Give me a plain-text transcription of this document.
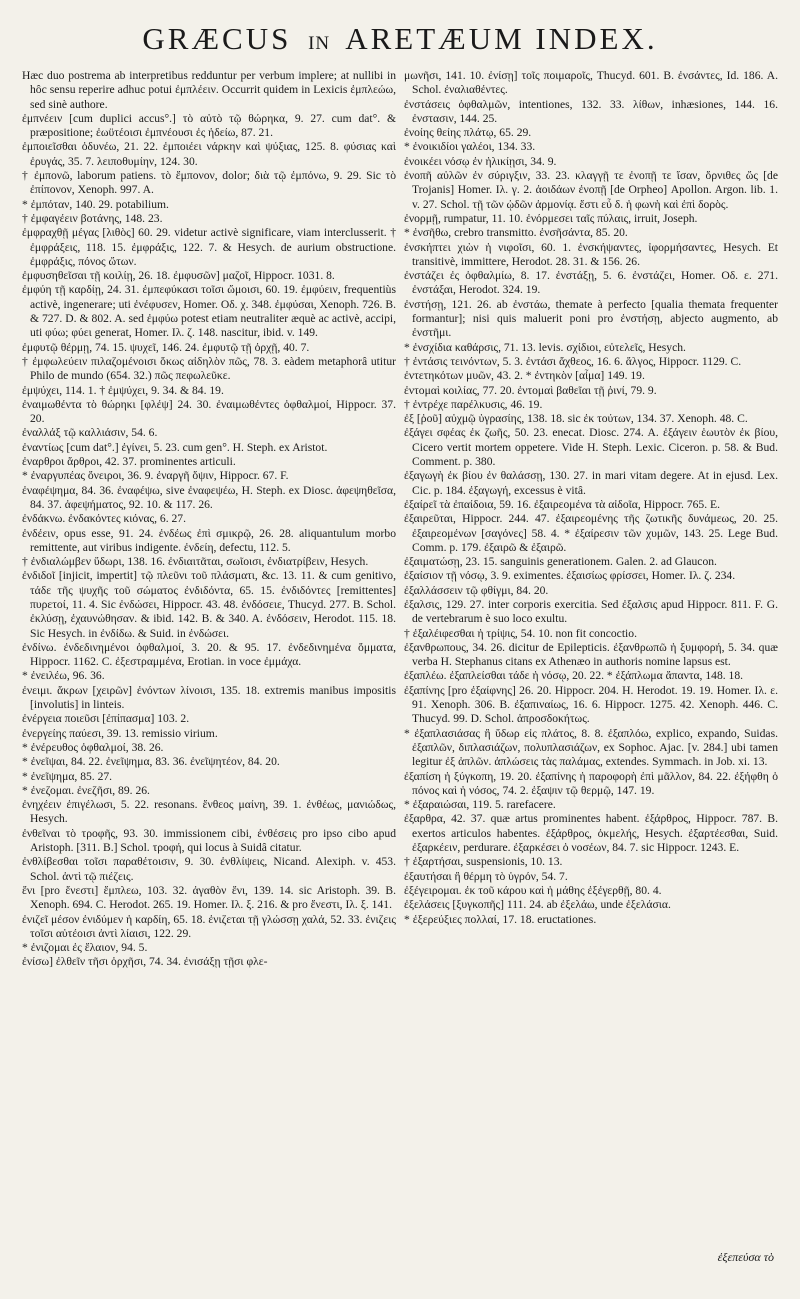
GRÆCUS IN ARETÆUM INDEX.

Hæc duo postrema ab interpretibus redduntur per verbum implere; at nullibi in hôc sensu reperire adhuc potui ἐμπλέειν. Occurrit quidem in Lexicis ἐμπλεώω, sed sinè authore.

ἐμπνέειν [cum duplici accus°.] τὸ αὐτὸ τῷ θώρηκα, 9. 27. cum dat°. & præpositione; ἐωϋτέοισι ἐμπνέουσι ἐς ἠδείω, 87. 21.

ἐμποιεῖσθαι ὀδυνέω, 21. 22. ἐμποιέει νάρκην καὶ ψύξιας, 125. 8. φύσιας καὶ ἐρυγάς, 35. 7. λειποθυμίην, 124. 30.

† ἐμπονῶ, laborum patiens. τὸ ἔμπονον, dolor; διὰ τῷ ἐμπόνω, 9. 29. Sic τὸ ἐπίπονον, Xenoph. 997. A.

* ἐμπόταν, 140. 29. potabilium.

† ἐμφαγέειν βοτάνης, 148. 23.

ἐμφραχθῇ μέγας [λιθὸς] 60. 29. videtur activè significare, viam interclusserit. † ἐμφράξεις, 118. 15. ἐμφράξις, 122. 7. & Hesych. de aurium obstructione. ἐμφράξις, πόνος ὤτων.

ἐμφυσηθεῖσαι τῇ κοιλίῃ, 26. 18. ἐμφυσῶν] μαζοῖ, Hippocr. 1031. 8.

ἐμφύη τῇ καρδίῃ, 24. 31. ἐμπεφύκασι τοῖσι ὤμοισι, 60. 19. ἐμφύειν, frequentiùs activè, ingenerare; uti ἐνέφυσεν, Homer. Οδ. χ. 348. ἐμφύσαι, Xenoph. 726. B. & 727. D. & 802. A. sed ἐμφύω potest etiam neutraliter æquè ac activè, accipi, uti φύω; φύει generat, Homer. Ιλ. ζ. 148. nascitur, ibid. v. 149.

ἐμφυτῷ θέρμῃ, 74. 15. ψυχεῖ, 146. 24. ἐμφυτῷ τῇ ὀρχῇ, 40. 7.

† ἐμφωλεύειν πιλαζομένοισι ὅκως αἰδηλὸν πῶς, 78. 3. eàdem metaphorâ utitur Philo de mundo (654. 32.) πῶς πεφωλεῦκε.

ἐμψύχει, 114. 1. † ἐμψύχει, 9. 34. & 84. 19.

ἐναιμωθέντα τὸ θώρηκι [φλέψ] 24. 30. ἐναιμωθέντες ὀφθαλμοί, Hippocr. 37. 20.

ἐναλλάξ τῷ καλλιάσιν, 54. 6.

ἐναντίως [cum dat°.] ἐγίνει, 5. 23. cum gen°. H. Steph. ex Aristot.

ἐναρθροι ἄρθροι, 42. 37. prominentes articuli.

* ἐναργυπέας ὄνειροι, 36. 9. ἐναργῆ ὄψιν, Hippocr. 67. F.

ἐναφέψημα, 84. 36. ἐναφέψω, sive ἐναφεψέω, H. Steph. ex Diosc. ἀφεψηθεῖσα, 84. 37. ἀφεψήματος, 92. 10. & 117. 26.

ἐνδάκνω. ἐνδακόντες κιόνας, 6. 27.

ἐνδέειν, opus esse, 91. 24. ἐνδέως ἐπὶ σμικρῷ, 26. 28. aliquantulum morbo remittente, aut viribus indigente. ἐνδείη, defectu, 112. 5.

† ἐνδιαλώμβεν ὕδωρι, 138. 16. ἐνδιαιτᾶται, σωῖοισι, ἐνδιατρίβειν, Hesych.

ἐνδιδοῖ [injicit, impertit] τῷ πλεῦνι τοῦ πλάσματι, &c. 13. 11. & cum genitivo, τάδε τῆς ψυχῆς τοῦ σώματος ἐνδιδόντα, 65. 15. ἐνδιδόντες [remittentes] πυρετοί, 11. 4. Sic ἐνδώσει, Hippocr. 43. 48. ἐνδόσειε, Thucyd. 277. B. Schol. ἐκλύσῃ, ἐχαυνώθησαν. & ibid. 142. B. & 340. A. ἐνδόσειν, Herodot. 115. 18. Sic Hesych. in ἐνδίδω. & Suid. in ἐνδώσει.

ἐνδίνω. ἐνδεδινημένοι ὀφθαλμοί, 3. 20. & 95. 17. ἐνδεδινημένα ὄμματα, Hippocr. 1162. C. ἐξεστραμμένα, Erotian. in voce ἐμμάχα.

* ἐνειλέω, 96. 36.

ἐνειμι. ἄκρων [χειρῶν] ἐνόντων λίνοισι, 135. 18. extremis manibus impositis [involutis] in linteis.

ἐνέργεια ποιεῦσι [ἐπίπασμα] 103. 2.

ἐνεργείης παύεσι, 39. 13. remissio virium.

* ἐνέρευθος ὀφθαλμοί, 38. 26.

* ἐνεῖψαι, 84. 22. ἐνεῖψημα, 83. 36. ἐνεῖψητέον, 84. 20.

* ἐνεῖψημα, 85. 27.

* ἐνεζομαι. ἐνεζῆσι, 89. 26.

ἐνηχέειν ἐπιγέλωσι, 5. 22. resonans. ἔνθεος μαίνη, 39. 1. ἐνθέως, μανιώδως, Hesych.

ἐνθεῖναι τὸ τροφῆς, 93. 30. immissionem cibi, ἐνθέσεις pro ipso cibo apud Aristoph. [311. B.] Schol. τροφή, qui locus à Suidâ citatur.

ἐνθλίβεσθαι τοῖσι παραθέτοισιν, 9. 30. ἐνθλίψεις, Nicand. Alexiph. v. 453. Schol. ἀντὶ τῷ πιέζεις.

ἔνι [pro ἔνεστι] ἔμπλεω, 103. 32. ἀγαθὸν ἔνι, 139. 14. sic Aristoph. 39. B. Xenoph. 694. C. Herodot. 265. 19. Homer. Ιλ. ξ. 216. & pro ἔνεστι, Ιλ. ξ. 141.

ἐνιζεῖ μέσον ἐνιδύμεν ἡ καρδίη, 65. 18. ἐνιζεται τῇ γλώσσῃ χαλά, 52. 33. ἐνιζεις τοῖσι αὐτέοισι ἀντὶ λίαισι, 122. 29.

* ἐνιζομαι ἐς ἔλαιον, 94. 5.

ἐνίσω] ἐλθεῖν τῆσι ὀρχῆσι, 74. 34. ἐνισάξῃ τῇσι φλε-

μωνῆσι, 141. 10. ἐνίσῃ] τοῖς ποιμαροῖς, Thucyd. 601. B. ἐνσάντες, Id. 186. A. Schol. ἐναλιαθέντες.

ἐνστάσεις ὀφθαλμῶν, intentiones, 132. 33. λίθων, inhæsiones, 144. 16. ἐνστασιν, 144. 25.

ἐνοίης θείης πλάτῳ, 65. 29.

* ἐνοικιδίοι γαλέοι, 134. 33.

ἐνοικέει νόσῳ ἐν ἡλικίῃσι, 34. 9.

ἐνοπῆ αὐλῶν ἐν σύριγξιν, 33. 23. κλαγγῇ τε ἐνοπῇ τε ἴσαν, ὄρνιθες ὥς [de Trojanis] Homer. Ιλ. γ. 2. ἀοιδάων ἐνοπῇ [de Orpheo] Apollon. Argon. lib. 1. v. 27. Schol. τῇ τῶν ᾠδῶν ἀρμονίᾳ. ἔστι εὖ δ. ἡ φωνὴ καὶ ἐπὶ δορὸς.

ἐνορμῇ, rumpatur, 11. 10. ἐνόρμεσει ταῖς πύλαις, irruit, Joseph.

* ἐνσῆθω, crebro transmitto. ἐνσῆσάντα, 85. 20.

ἐνσκήπτει χιὼν ἡ νιφοῖσι, 60. 1. ἐνσκήψαντες, ἰφορμήσαντες, Hesych. Et transitivè, immittere, Herodot. 28. 31. & 156. 26.

ἐνστάζει ἐς ὀφθαλμίω, 8. 17. ἐνστάξῃ, 5. 6. ἐνστάζει, Homer. Οδ. ε. 271. ἐνστάξαι, Herodot. 324. 19.

ἐνστήσῃ, 121. 26. ab ἐνστάω, themate à perfecto [qualia themata frequenter formantur]; nisi quis maluerit poni pro ἐνστήσῃ, abjecto augmento, ab ἐνστῆμι.

* ἐνσχίδια καθάρσις, 71. 13. levis. σχίδιοι, εὐτελεῖς, Hesych.

† ἐντάσις τεινόντων, 5. 3. ἐντάσι ἄχθεος, 16. 6. ἄλγος, Hippocr. 1129. C.

ἐντετηκότων μυῶν, 43. 2. * ἐντηκὸν [αἷμα] 149. 19.

ἐντομαὶ κοιλίας, 77. 20. ἐντομαὶ βαθεῖαι τῇ ῥινί, 79. 9.

† ἐντρέχε παρέλκυσις, 46. 19.

ἐξ [ῥοῦ] αὐχμῷ ὑγρασίης, 138. 18. sic ἐκ τούτων, 134. 37. Xenoph. 48. C.

ἐξάγει σφέας ἐκ ζωῆς, 50. 23. enecat. Diosc. 274. A. ἐξάγειν ἑωυτὸν ἐκ βίου, Cicero vertit mortem oppetere. Vide H. Steph. Lexic. Ciceron. p. 58. & Bud. Comment. p. 380.

ἐξαγωγὴ ἐκ βίου ἐν θαλάσσῃ, 130. 27. in mari vitam degere. At in ejusd. Lex. Cic. p. 184. ἐξαγωγή, excessus è vitâ.

ἐξαίρεῖ τὰ ἐπαίδοια, 59. 16. ἐξαιρεομένα τὰ αἰδοῖα, Hippocr. 765. E.

ἐξαιρεῦται, Hippocr. 244. 47. ἐξαιρεομένης τῆς ζωτικῆς δυνάμεως, 20. 25. ἐξαιρεομένων [σαγόνες] 58. 4. * ἐξαίρεσιν τῶν χυμῶν, 143. 25. Lege Bud. Comm. p. 179. ἐξαιρῶ & ἐξαιρῶ.

ἐξαιματώσῃ, 23. 15. sanguinis generationem. Galen. 2. ad Glaucon.

ἐξαίσιον τῇ νόσῳ, 3. 9. eximentes. ἐξαισίως φρίσσει, Homer. Ιλ. ζ. 234.

ἐξαλλάσσειν τῷ φθίγμι, 84. 20.

ἐξαλσις, 129. 27. inter corporis exercitia. Sed ἐξαλσις apud Hippocr. 811. F. G. de vertebrarum è suo loco exultu.

† ἐξαλέιφεσθαι ἡ τρίψις, 54. 10. non fit concoctio.

ἐξανθρωπους, 34. 26. dicitur de Epilepticis. ἐξανθρωπῶ ἡ ξυμφορή, 5. 34. quæ verba H. Stephanus citans ex Athenæo in authoris nomine lapsus est.

ἐξαπλέω. ἐξαπλείσθαι τάδε ἡ νόσῳ, 20. 22. * ἐξάπλωμα ἅπαντα, 148. 18.

ἐξαπίνης [pro ἐξαίφνης] 26. 20. Hippocr. 204. H. Herodot. 19. 19. Homer. Ιλ. ε. 91. Xenoph. 306. B. ἐξαπιναίως, 16. 6. Hippocr. 1275. 42. Xenoph. 446. C. Thucyd. 99. D. Schol. ἀπροσδοκήτως.

* ἐξαπλασιάσας ἢ ὕδωρ εἰς πλάτος, 8. 8. ἐξαπλόω, explico, expando, Suidas. ἐξαπλῶν, διπλασιάζων, πολυπλασιάζων, ex Sophoc. Ajac. [v. 284.] ubi tamen legitur ἐξ ἁπλῶν. ἀπλώσεις τὰς παλάμας, extendes. Symmach. in Job. xi. 13.

ἐξαπίση ἡ ξύγκοπη, 19. 20. ἐξαπίνης ἡ παροφορὴ ἐπὶ μᾶλλον, 84. 22. ἐξήφθη ὁ πόνος καὶ ἡ νόσος, 74. 2. ἐξαψιν τῷ θερμῷ, 147. 19.

* ἐξαραιώσαι, 119. 5. rarefacere.

ἐξαρθρα, 42. 37. quæ artus prominentes habent. ἐξάρθρος, Hippocr. 787. B. exertos articulos habentes. ἐξάρθρος, ὀκμελής, Hesych. ἐξαρτέεσθαι, Suid. ἐξαρκέειν, perdurare. ἐξαρκέσει ὁ νοσέων, 84. 7. sic Hippocr. 1243. E.

† ἐξαρτήσαι, suspensionis, 10. 13.

ἐξαυτήσαι ἢ θέρμη τὸ ὑγρόν, 54. 7.

ἐξέγειρομαι. ἐκ τοῦ κάρου καὶ ἡ μάθης ἐξέγερθῇ, 80. 4.

ἐξελάσεις [ξυγκοπῆς] 111. 24. ab ἐξελάω, unde ἐξελάσια.

* ἐξερεύξιες πολλαί, 17. 18. eructationes.

ἐξεπεύσα τὸ
